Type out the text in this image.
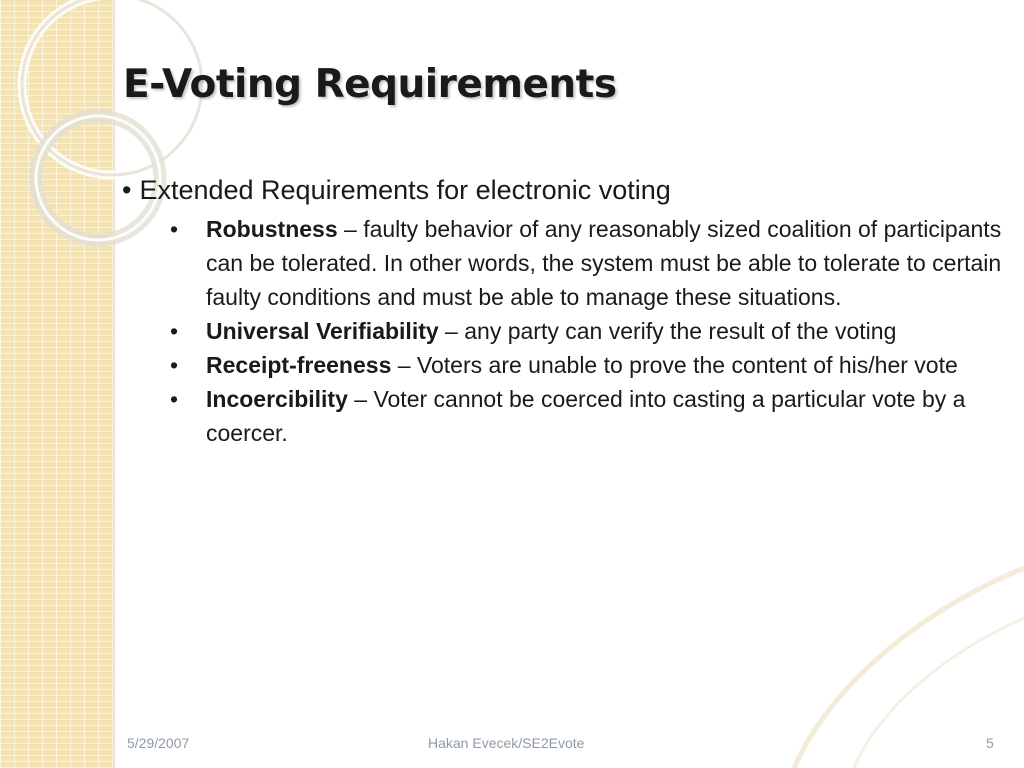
E-Voting Requirements

• Extended Requirements for electronic voting

• Robustness – faulty behavior of any reasonably sized coalition of participants can be tolerated. In other words, the system must be able to tolerate to certain faulty conditions and must be able to manage these situations.
• Universal Verifiability – any party can verify the result of the voting
• Receipt-freeness – Voters are unable to prove the content of his/her vote
• Incoercibility – Voter cannot be coerced into casting a particular vote by a coercer.
5/29/2007	Hakan Evecek/SE2Evote	5
